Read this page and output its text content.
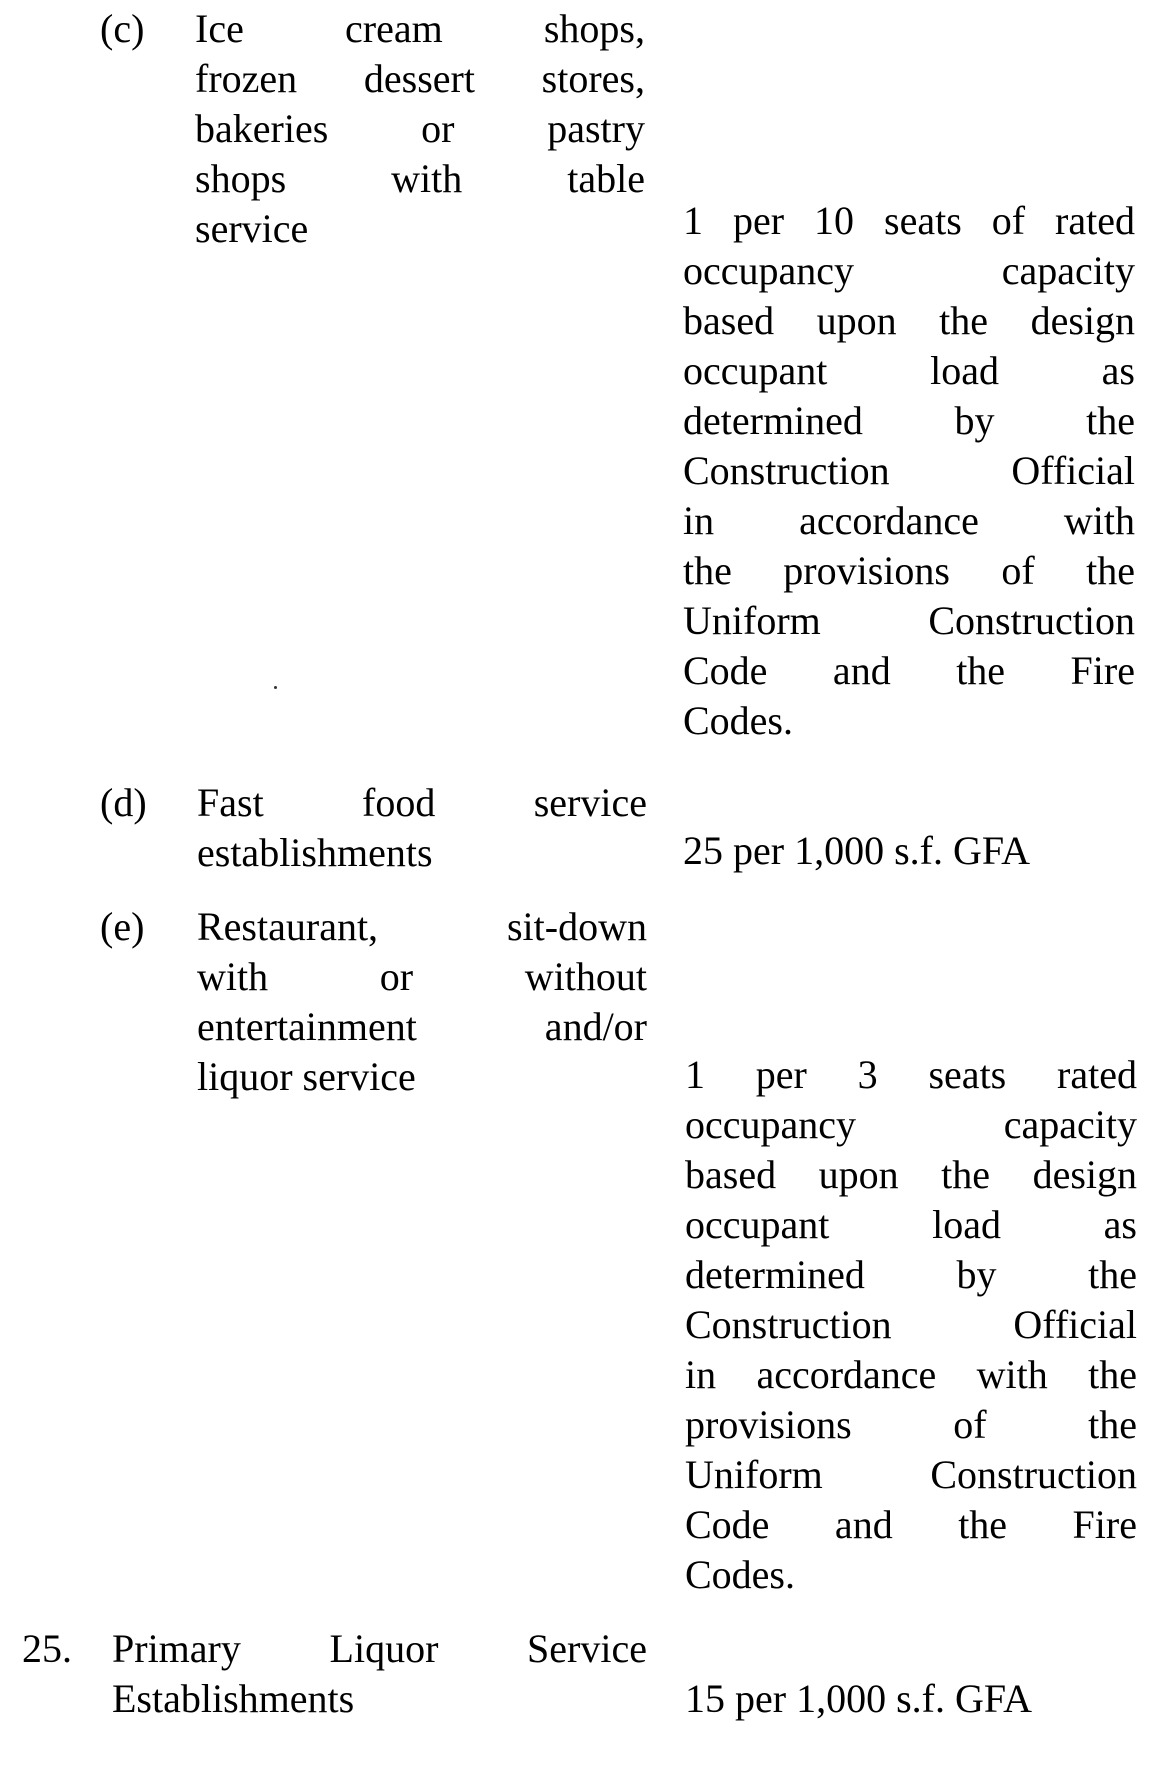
(c) Ice cream shops,
frozen dessert stores,
bakeries or pastry
shops with table
service	1 per 10 seats of rated
occupancy capacity
based upon the design
occupant load as
determined by the
Construction Official
in accordance with
the provisions of the
Uniform Construction
Code and the Fire
Codes.
(d) Fast food service
establishments	25 per 1,000 s.f. GFA
(e) Restaurant, sit-down
with or without
entertainment and/or
liquor service	1 per 3 seats rated
occupancy capacity
based upon the design
occupant load as
determined by the
Construction Official
in accordance with the
provisions of the
Uniform Construction
Code and the Fire
Codes.
25. Primary Liquor Service
Establishments	15 per 1,000 s.f. GFA
